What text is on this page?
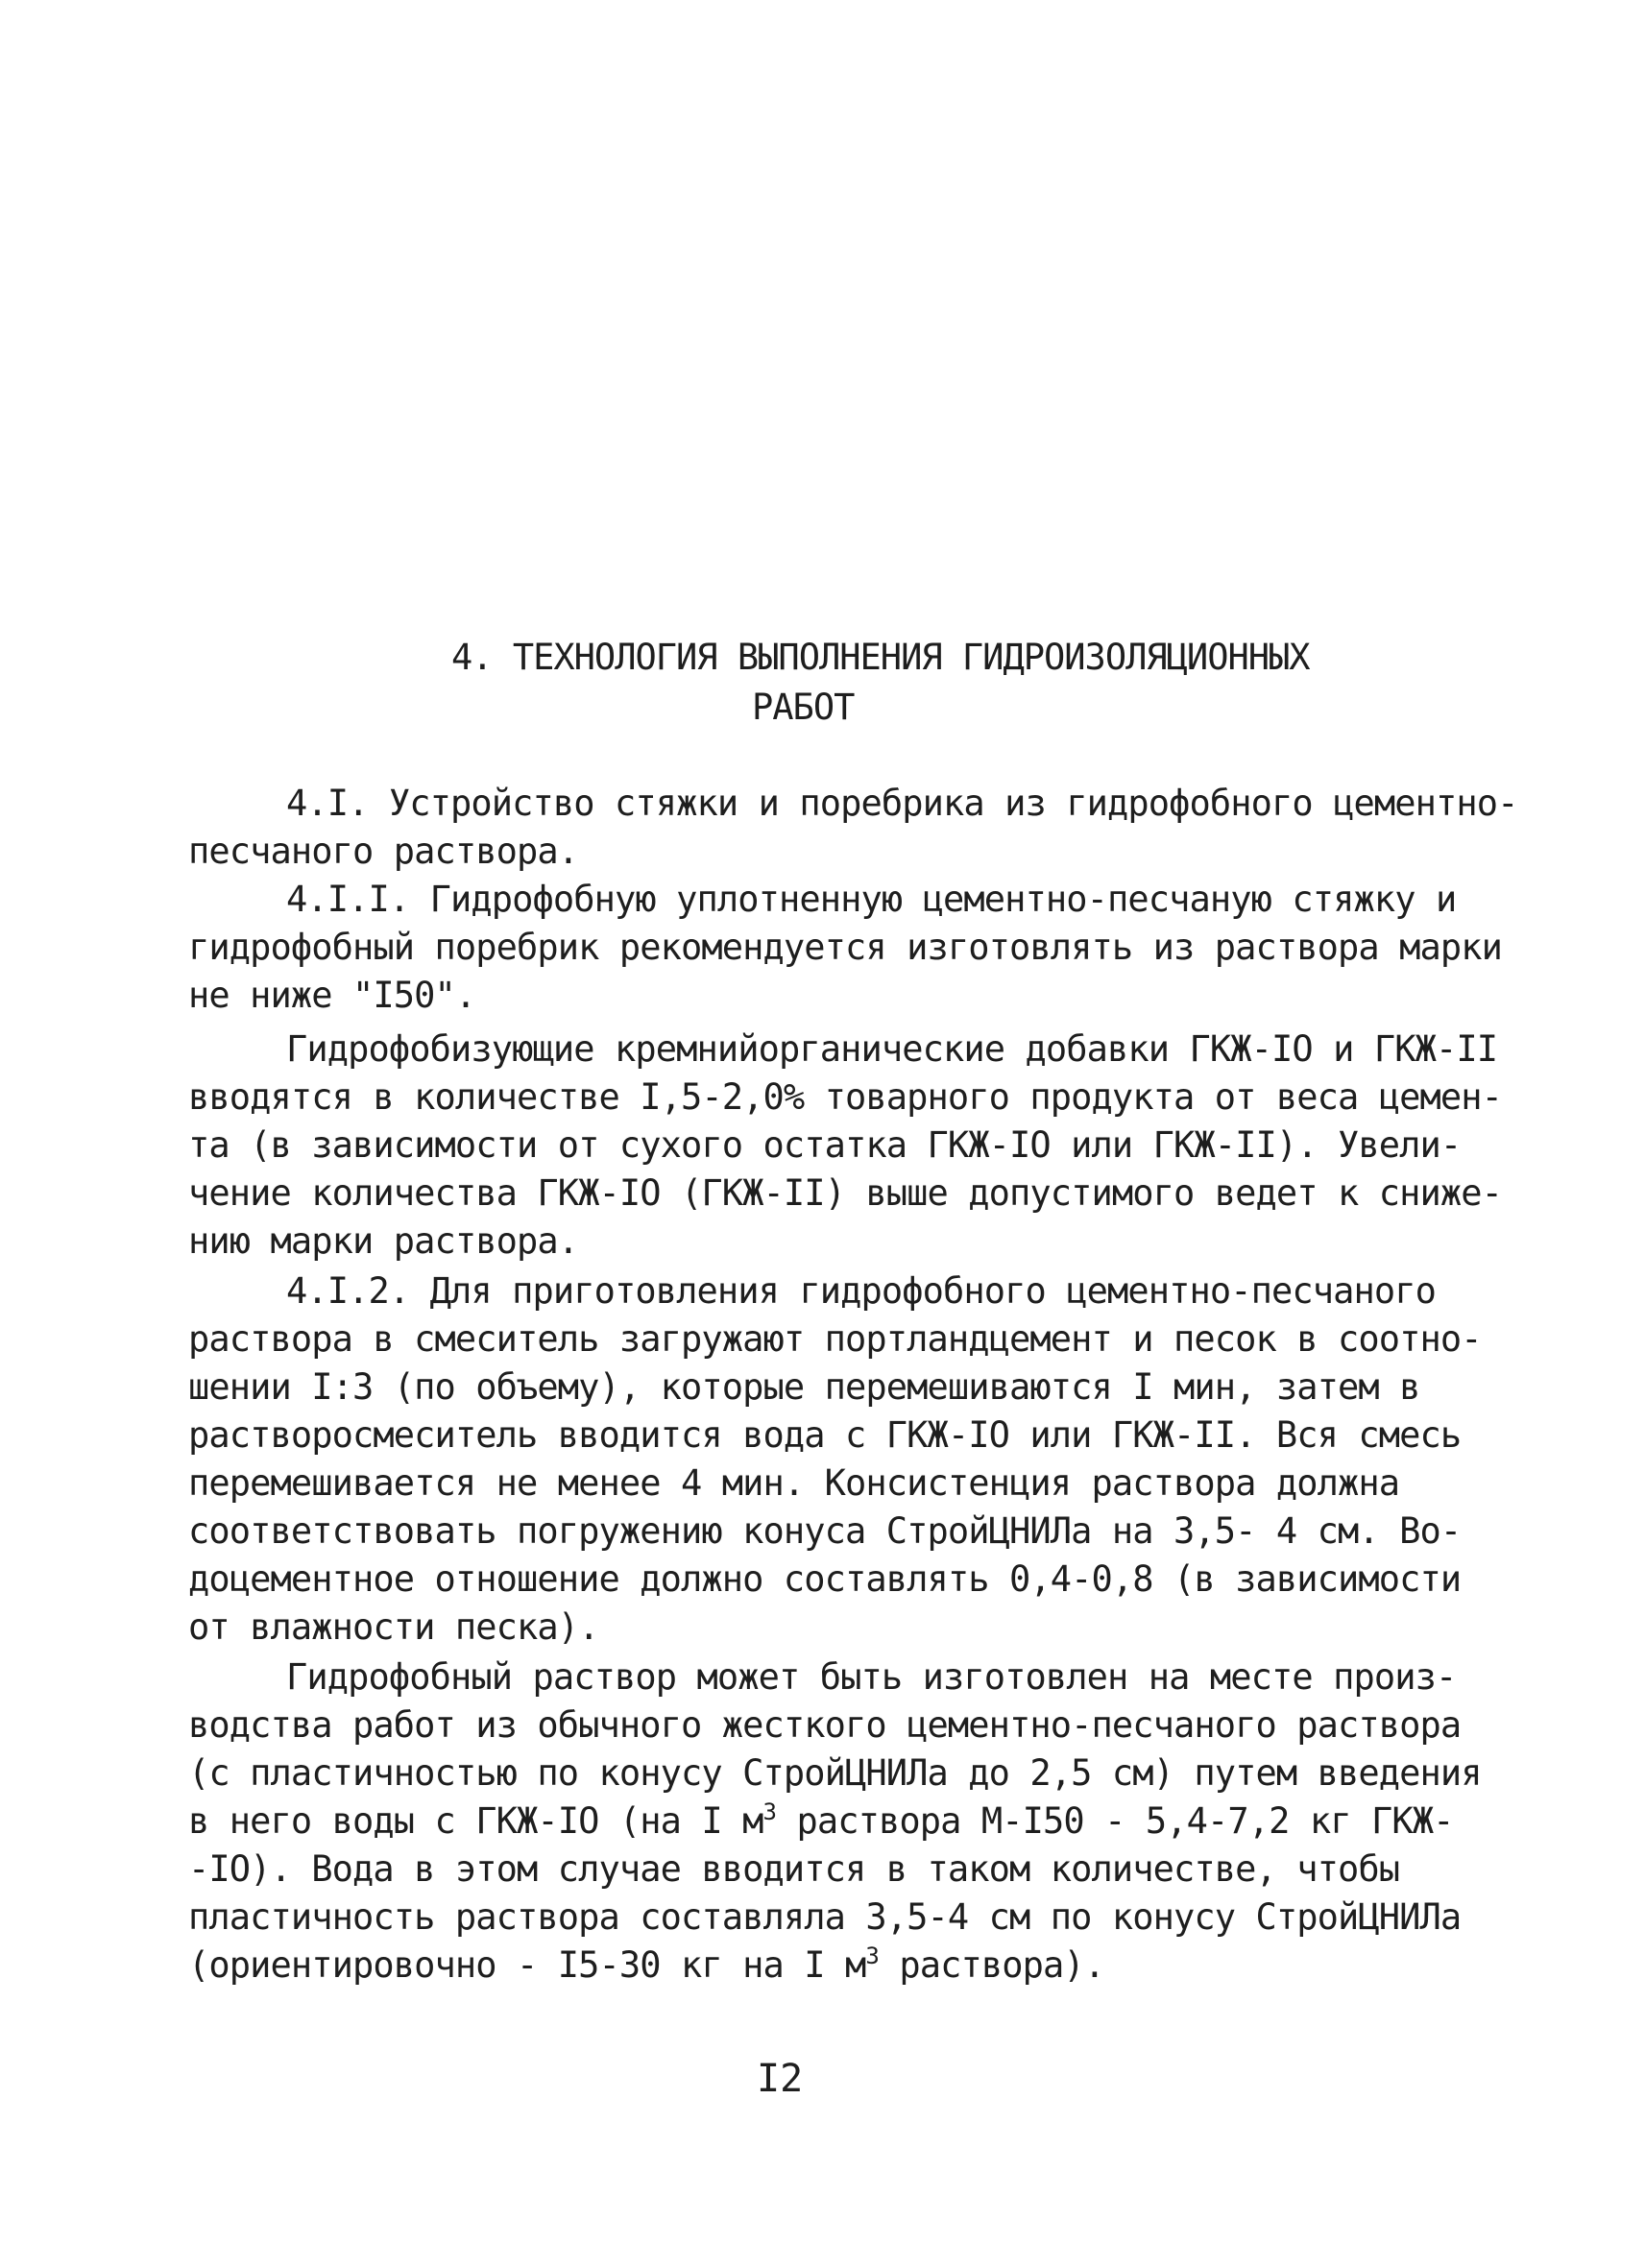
4. ТЕХНОЛОГИЯ ВЫПОЛНЕНИЯ ГИДРОИЗОЛЯЦИОННЫХ
РАБОТ
4.I. Устройство стяжки и поребрика из гидрофобного цементно-
песчаного раствора.
4.I.I. Гидрофобную уплотненную цементно-песчаную стяжку и
гидрофобный поребрик рекомендуется изготовлять из раствора марки
не ниже "I50".
Гидрофобизующие кремнийорганические добавки ГКЖ-IO и ГКЖ-II
вводятся в количестве I,5-2,0% товарного продукта от веса цемен-
та (в зависимости от сухого остатка ГКЖ-IO или ГКЖ-II). Увели-
чение количества ГКЖ-IO (ГКЖ-II) выше допустимого ведет к сниже-
нию марки раствора.
4.I.2. Для приготовления гидрофобного цементно-песчаного
раствора в смеситель загружают портландцемент и песок в соотно-
шении I:3 (по объему), которые перемешиваются I мин, затем в
растворосмеситель вводится вода с ГКЖ-IO или ГКЖ-II. Вся смесь
перемешивается не менее 4 мин. Консистенция раствора должна
соответствовать погружению конуса СтройЦНИЛа на 3,5- 4 см. Во-
доцементное отношение должно составлять 0,4-0,8 (в зависимости
от влажности песка).
Гидрофобный раствор может быть изготовлен на месте произ-
водства работ из обычного жесткого цементно-песчаного раствора
(с пластичностью по конусу СтройЦНИЛа до 2,5 см) путем введения
в него воды с ГКЖ-IO (на I $м^3$ раствора М-I50 - 5,4-7,2 кг ГКЖ-
-IO). Вода в этом случае вводится в таком количестве, чтобы
пластичность раствора составляла 3,5-4 см по конусу СтройЦНИЛа
(ориентировочно - I5-30 кг на I $м^3$ раствора).
I2
